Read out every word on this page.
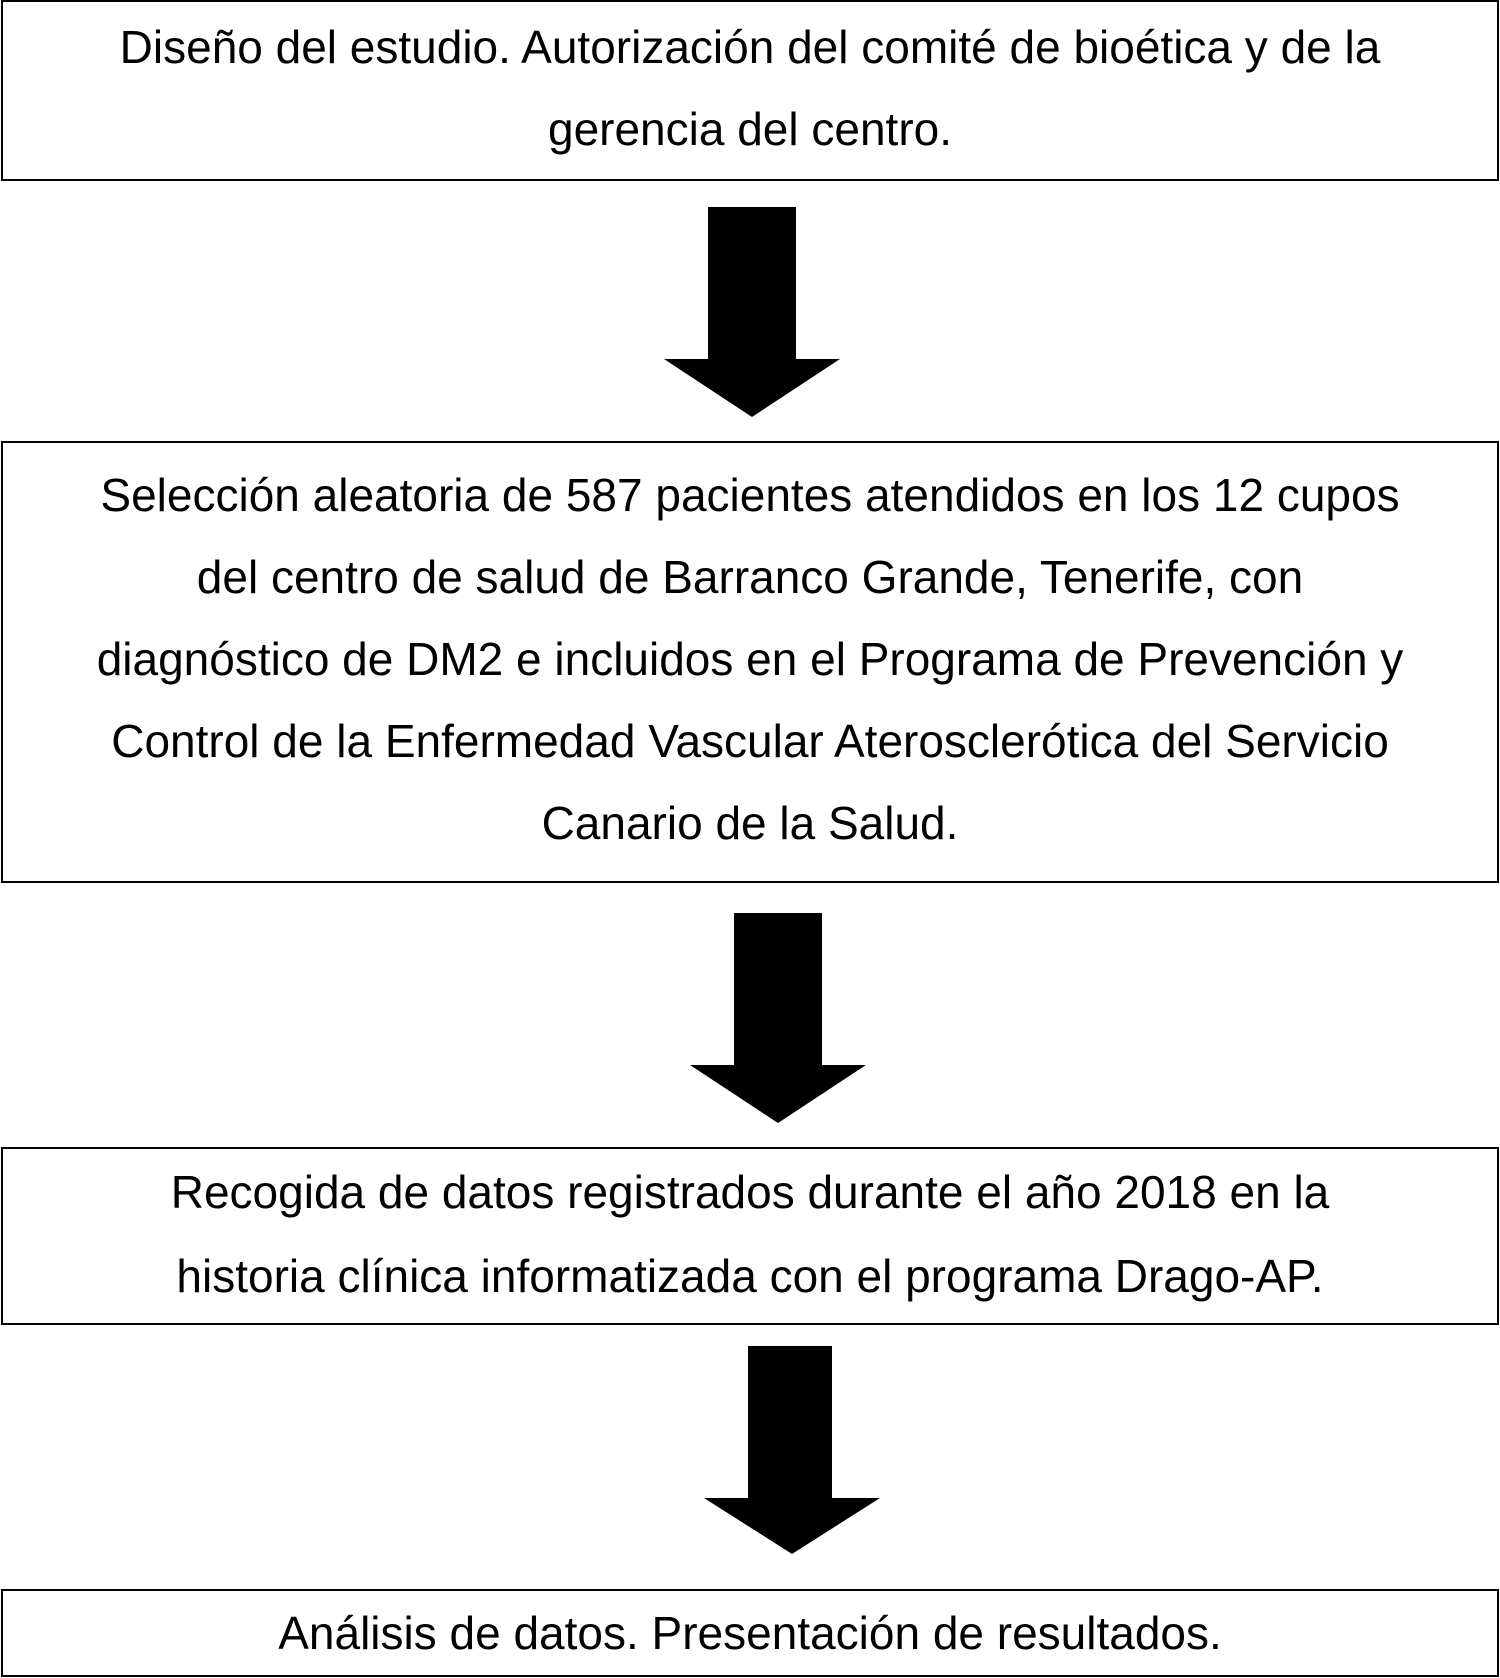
Diseño del estudio. Autorización del comité de bioética y de la
gerencia del centro.
Selección aleatoria de 587 pacientes atendidos en los 12 cupos
del centro de salud de Barranco Grande, Tenerife, con
diagnóstico de DM2 e incluidos en el Programa de Prevención y
Control de la Enfermedad Vascular Aterosclerótica del Servicio
Canario de la Salud.
Recogida de datos registrados durante el año 2018 en la
historia clínica informatizada con el programa Drago-AP.
Análisis de datos. Presentación de resultados.
